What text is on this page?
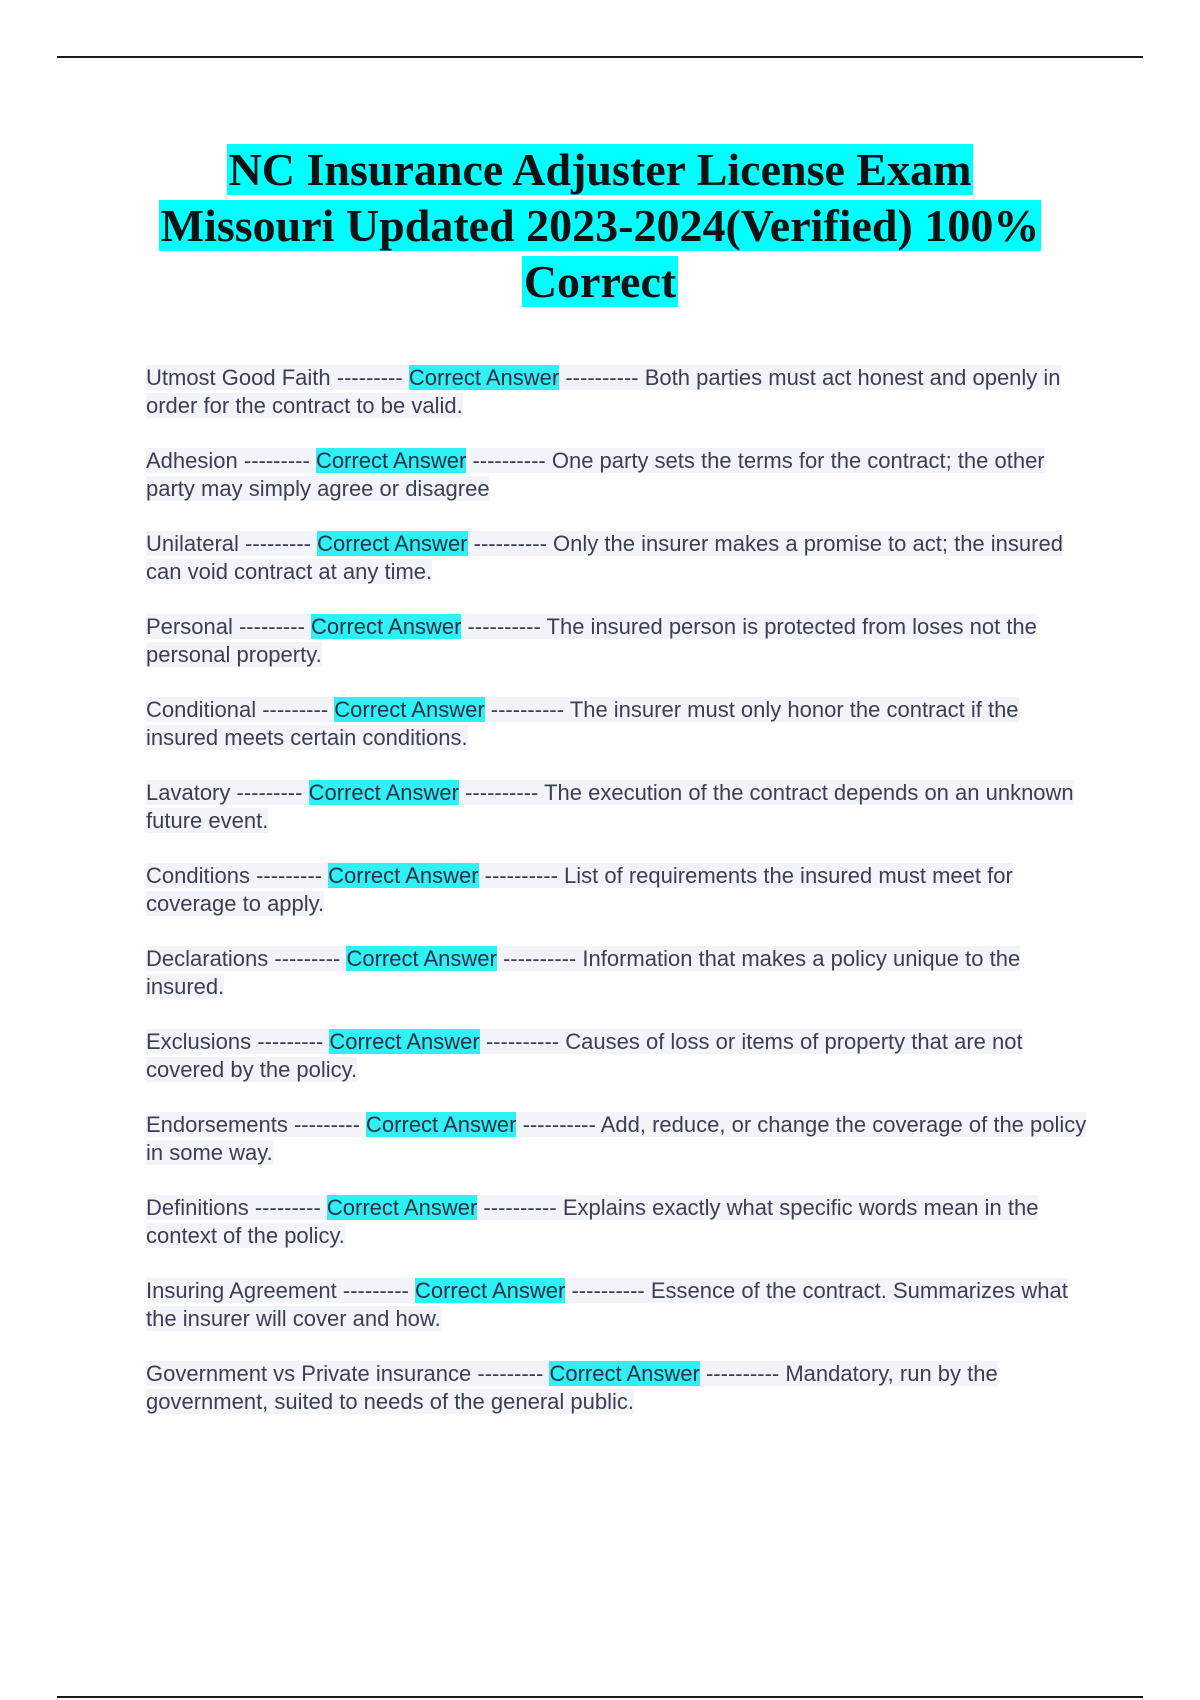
NC Insurance Adjuster License Exam
Missouri Updated 2023-2024(Verified) 100%
Correct

Utmost Good Faith --------- Correct Answer ---------- Both parties must act honest and openly in order for the contract to be valid.

Adhesion --------- Correct Answer ---------- One party sets the terms for the contract; the other party may simply agree or disagree

Unilateral --------- Correct Answer ---------- Only the insurer makes a promise to act; the insured can void contract at any time.

Personal --------- Correct Answer ---------- The insured person is protected from loses not the personal property.

Conditional --------- Correct Answer ---------- The insurer must only honor the contract if the insured meets certain conditions.

Lavatory --------- Correct Answer ---------- The execution of the contract depends on an unknown future event.

Conditions --------- Correct Answer ---------- List of requirements the insured must meet for coverage to apply.

Declarations --------- Correct Answer ---------- Information that makes a policy unique to the insured.

Exclusions --------- Correct Answer ---------- Causes of loss or items of property that are not covered by the policy.

Endorsements --------- Correct Answer ---------- Add, reduce, or change the coverage of the policy in some way.

Definitions --------- Correct Answer ---------- Explains exactly what specific words mean in the context of the policy.

Insuring Agreement --------- Correct Answer ---------- Essence of the contract. Summarizes what the insurer will cover and how.

Government vs Private insurance --------- Correct Answer ---------- Mandatory, run by the government, suited to needs of the general public.
